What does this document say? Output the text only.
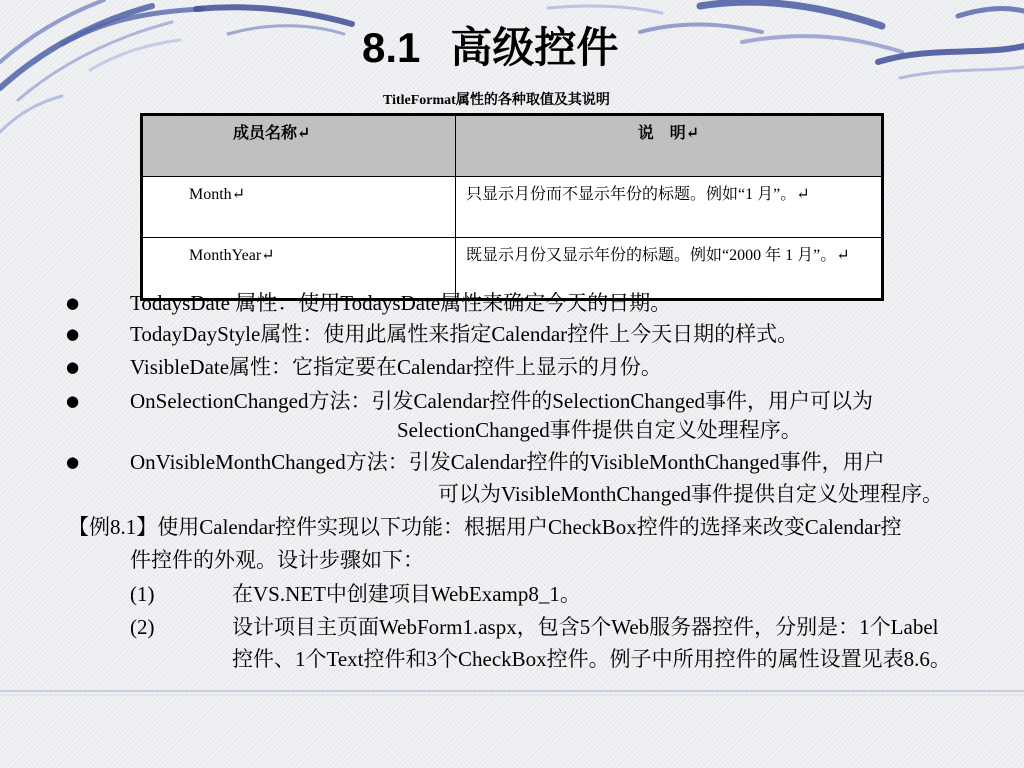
8.1 高级控件
TitleFormat属性的各种取值及其说明
成员名称↵	说　明↵
Month↵	只显示月份而不显示年份的标题。例如“1 月”。↵
MonthYear↵	既显示月份又显示年份的标题。例如“2000 年 1 月”。↵
● TodaysDate 属性：使用TodaysDate属性来确定今天的日期。
● TodayDayStyle属性：使用此属性来指定Calendar控件上今天日期的样式。
● VisibleDate属性：它指定要在Calendar控件上显示的月份。
● OnSelectionChanged方法：引发Calendar控件的SelectionChanged事件，用户可以为
SelectionChanged事件提供自定义处理程序。
● OnVisibleMonthChanged方法：引发Calendar控件的VisibleMonthChanged事件，用户
可以为VisibleMonthChanged事件提供自定义处理程序。
【例8.1】使用Calendar控件实现以下功能：根据用户CheckBox控件的选择来改变Calendar控
件控件的外观。设计步骤如下：
(1)	在VS.NET中创建项目WebExamp8_1。
(2)	设计项目主页面WebForm1.aspx，包含5个Web服务器控件，分别是：1个Label
控件、1个Text控件和3个CheckBox控件。例子中所用控件的属性设置见表8.6。
